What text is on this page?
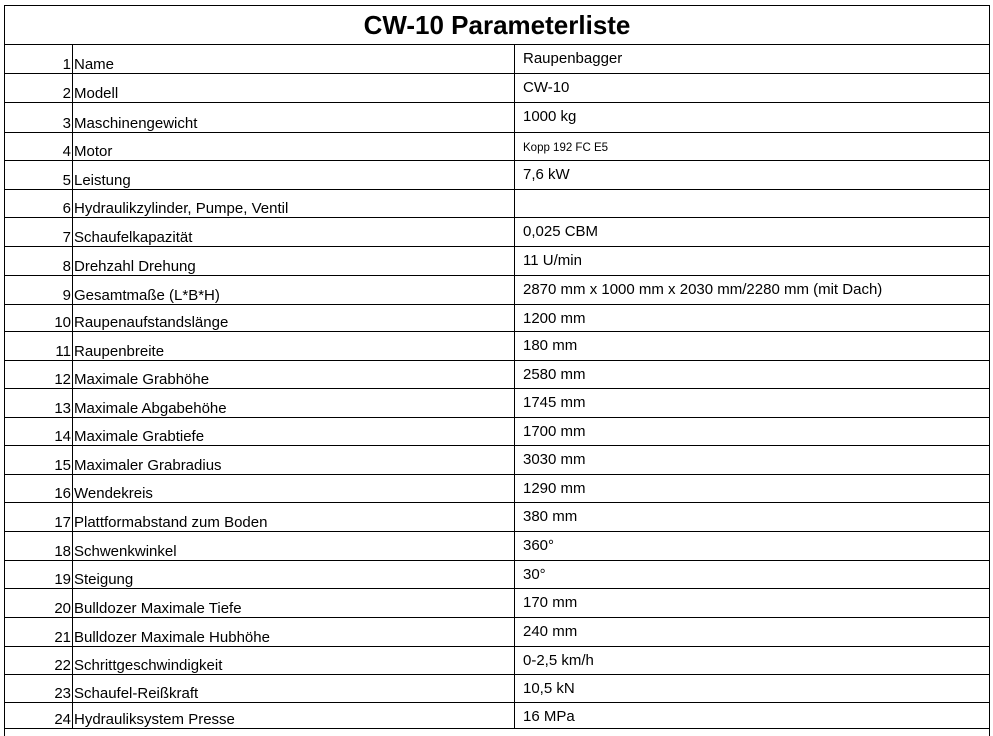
CW-10 Parameterliste
1 Name	Raupenbagger
2 Modell	CW-10
3 Maschinengewicht	1000 kg
4 Motor	Kopp 192 FC E5
5 Leistung	7,6 kW
6 Hydraulikzylinder, Pumpe, Ventil
7 Schaufelkapazität	0,025 CBM
8 Drehzahl Drehung	11 U/min
9 Gesamtmaße (L*B*H)	2870 mm x 1000 mm x 2030 mm/2280 mm (mit Dach)
10 Raupenaufstandslänge	1200 mm
11 Raupenbreite	180 mm
12 Maximale Grabhöhe	2580 mm
13 Maximale Abgabehöhe	1745 mm
14 Maximale Grabtiefe	1700 mm
15 Maximaler Grabradius	3030 mm
16 Wendekreis	1290 mm
17 Plattformabstand zum Boden	380 mm
18 Schwenkwinkel	360°
19 Steigung	30°
20 Bulldozer Maximale Tiefe	170 mm
21 Bulldozer Maximale Hubhöhe	240 mm
22 Schrittgeschwindigkeit	0-2,5 km/h
23 Schaufel-Reißkraft	10,5 kN
24 Hydrauliksystem Presse	16 MPa
